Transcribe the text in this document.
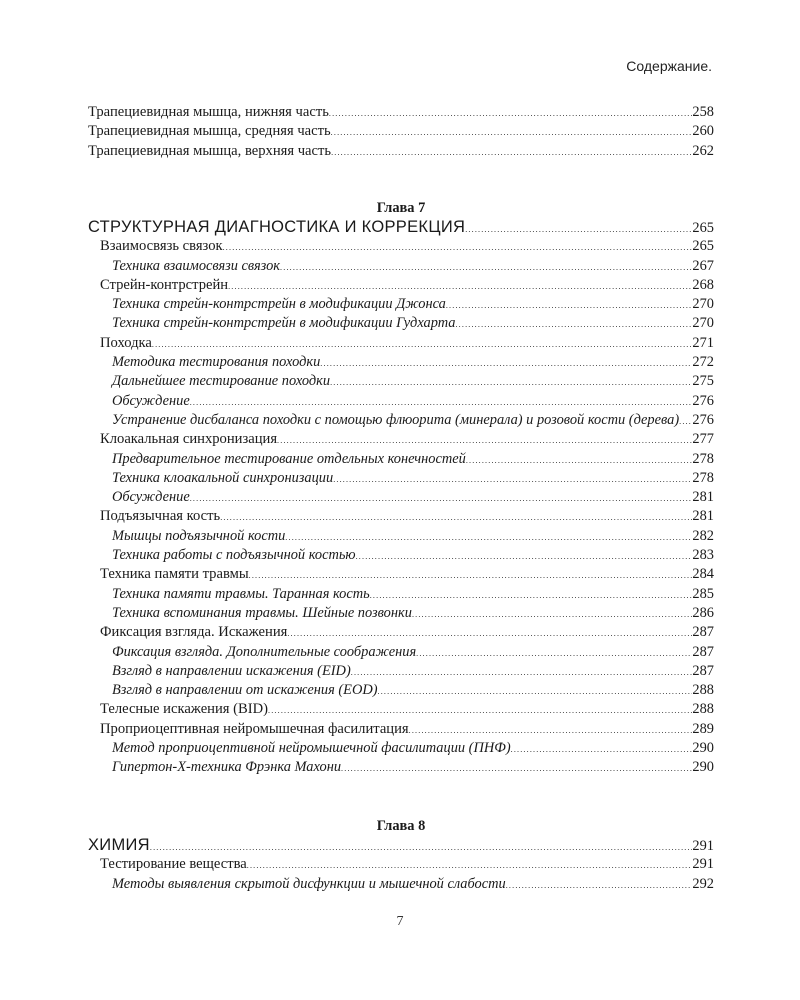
Содержание.
Трапециевидная мышца, нижняя часть .....	258
Трапециевидная мышца, средняя часть .....	260
Трапециевидная мышца, верхняя часть .....	262
Глава 7
СТРУКТУРНАЯ ДИАГНОСТИКА И КОРРЕКЦИЯ .....	265
Взаимосвязь связок .....	265
Техника взаимосвязи связок .....	267
Стрейн-контрстрейн .....	268
Техника стрейн-контрстрейн в модификации Джонса .....	270
Техника стрейн-контрстрейн в модификации Гудхарта .....	270
Походка .....	271
Методика тестирования походки .....	272
Дальнейшее тестирование походки .....	275
Обсуждение .....	276
Устранение дисбаланса походки с помощью флюорита (минерала) и розовой кости (дерева) ..... 276
Клоакальная синхронизация .....	277
Предварительное тестирование отдельных конечностей .....	278
Техника клоакальной синхронизации .....	278
Обсуждение .....	281
Подъязычная кость .....	281
Мышцы подъязычной кости .....	282
Техника работы с подъязычной костью .....	283
Техника памяти травмы .....	284
Техника памяти травмы. Таранная кость .....	285
Техника вспоминания травмы. Шейные позвонки .....	286
Фиксация взгляда. Искажения .....	287
Фиксация взгляда. Дополнительные соображения .....	287
Взгляд в направлении искажения (EID) .....	287
Взгляд в направлении от искажения (EOD) .....	288
Телесные искажения (BID) .....	288
Проприоцептивная нейромышечная фасилитация .....	289
Метод проприоцептивной нейромышечной фасилитации (ПНФ) .....	290
Гипертон-Х-техника Фрэнка Махони .....	290
Глава 8
ХИМИЯ .....	291
Тестирование вещества .....	291
Методы выявления скрытой дисфункции и мышечной слабости .....	292
7
